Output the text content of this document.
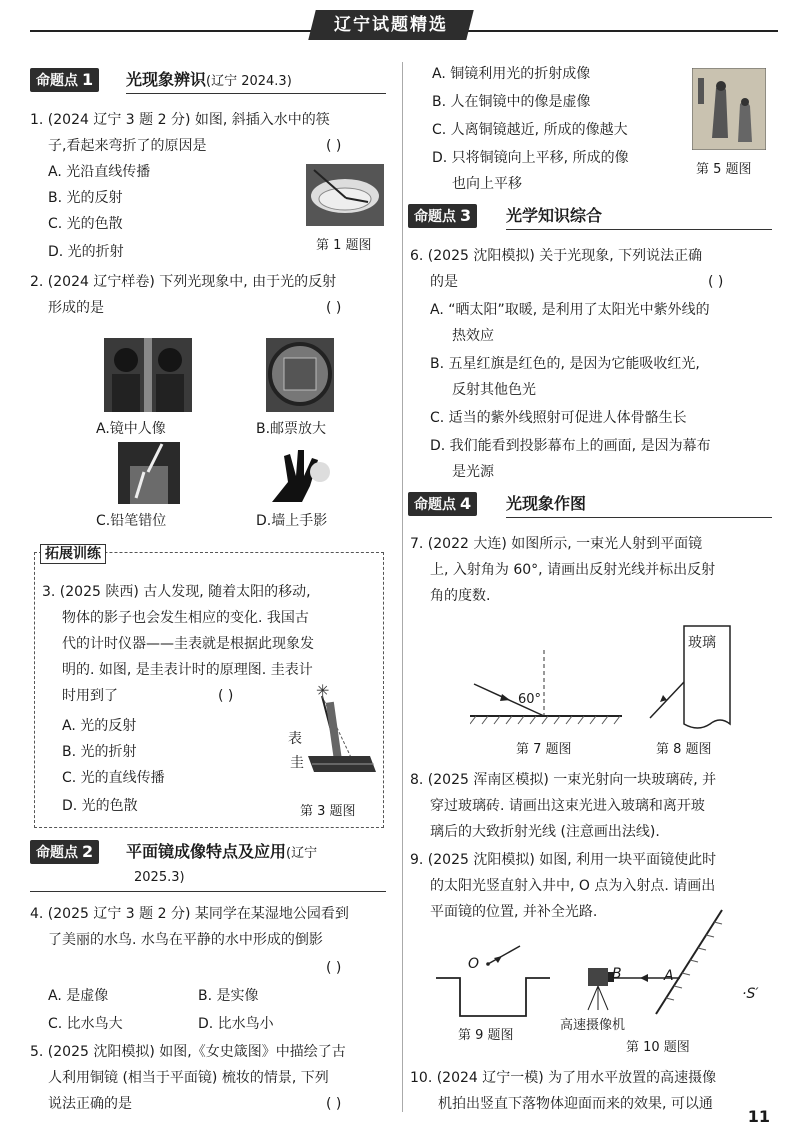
辽宁试题精选
命题点 1	光现象辨识(辽宁 2024.3)
1. (2024 辽宁 3 题 2 分) 如图, 斜插入水中的筷
子,看起来弯折了的原因是	( )
A. 光沿直线传播
B. 光的反射
C. 光的色散
D. 光的折射	第 1 题图
2. (2024 辽宁样卷) 下列光现象中, 由于光的反射
形成的是	( )
A.镜中人像	B.邮票放大
C.铅笔错位	D.墙上手影
拓展训练
3. (2025 陕西) 古人发现, 随着太阳的移动,
物体的影子也会发生相应的变化. 我国古
代的计时仪器——圭表就是根据此现象发
明的. 如图, 是圭表计时的原理图. 圭表计
时用到了	( )
A. 光的反射
B. 光的折射
C. 光的直线传播
D. 光的色散
✳
表
圭
第 3 题图
命题点 2	平面镜成像特点及应用(辽宁
2025.3)
4. (2025 辽宁 3 题 2 分) 某同学在某湿地公园看到
了美丽的水鸟. 水鸟在平静的水中形成的倒影
( )
A. 是虚像	B. 是实像
C. 比水鸟大	D. 比水鸟小
5. (2025 沈阳模拟) 如图,《女史箴图》中描绘了古
人利用铜镜 (相当于平面镜) 梳妆的情景, 下列
说法正确的是	( )
A. 铜镜利用光的折射成像
B. 人在铜镜中的像是虚像
C. 人离铜镜越近, 所成的像越大
D. 只将铜镜向上平移, 所成的像
也向上平移
第 5 题图
命题点 3	光学知识综合
6. (2025 沈阳模拟) 关于光现象, 下列说法正确
的是	( )
A. “晒太阳”取暖, 是利用了太阳光中紫外线的
热效应
B. 五星红旗是红色的, 是因为它能吸收红光,
反射其他色光
C. 适当的紫外线照射可促进人体骨骼生长
D. 我们能看到投影幕布上的画面, 是因为幕布
是光源
命题点 4	光现象作图
7. (2022 大连) 如图所示, 一束光人射到平面镜
上, 入射角为 60°, 请画出反射光线并标出反射
角的度数.
60°
第 7 题图
玻璃
第 8 题图
8. (2025 浑南区模拟) 一束光射向一块玻璃砖, 并
穿过玻璃砖. 请画出这束光进入玻璃和离开玻
璃后的大致折射光线 (注意画出法线).
9. (2025 沈阳模拟) 如图, 利用一块平面镜使此时
的太阳光竖直射入井中, O 点为入射点. 请画出
平面镜的位置, 并补全光路.
O
第 9 题图
B	A
·S′
高速摄像机
第 10 题图
10. (2024 辽宁一模) 为了用水平放置的高速摄像
机拍出竖直下落物体迎面而来的效果, 可以通
11
